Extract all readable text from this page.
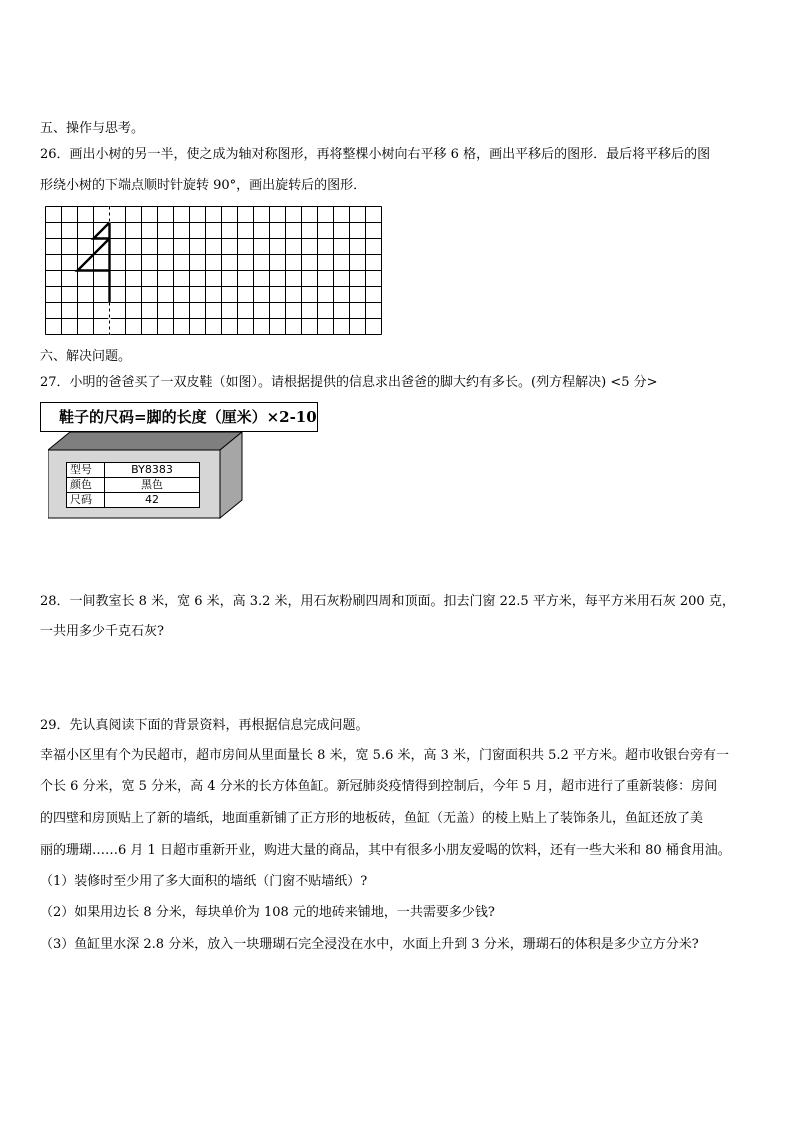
五、操作与思考。
26．画出小树的另一半，使之成为轴对称图形，再将整棵小树向右平移 6 格，画出平移后的图形．最后将平移后的图
形绕小树的下端点顺时针旋转 90°，画出旋转后的图形．
六、解决问题。
27．小明的爸爸买了一双皮鞋（如图）。请根据提供的信息求出爸爸的脚大约有多长。(列方程解决) <5 分>
鞋子的尺码=脚的长度（厘米）×2-10
型号	BY8383
颜色	黑色
尺码	42
28．一间教室长 8 米，宽 6 米，高 3.2 米，用石灰粉刷四周和顶面。扣去门窗 22.5 平方米，每平方米用石灰 200 克，
一共用多少千克石灰?
29．先认真阅读下面的背景资料，再根据信息完成问题。
幸福小区里有个为民超市，超市房间从里面量长 8 米，宽 5.6 米，高 3 米，门窗面积共 5.2 平方米。超市收银台旁有一
个长 6 分米，宽 5 分米，高 4 分米的长方体鱼缸。新冠肺炎疫情得到控制后，今年 5 月，超市进行了重新装修：房间
的四壁和房顶贴上了新的墙纸，地面重新铺了正方形的地板砖，鱼缸（无盖）的棱上贴上了装饰条儿，鱼缸还放了美
丽的珊瑚……6 月 1 日超市重新开业，购进大量的商品，其中有很多小朋友爱喝的饮料，还有一些大米和 80 桶食用油。
（1）装修时至少用了多大面积的墙纸（门窗不贴墙纸）?
（2）如果用边长 8 分米，每块单价为 108 元的地砖来铺地，一共需要多少钱?
（3）鱼缸里水深 2.8 分米，放入一块珊瑚石完全浸没在水中，水面上升到 3 分米，珊瑚石的体积是多少立方分米?
